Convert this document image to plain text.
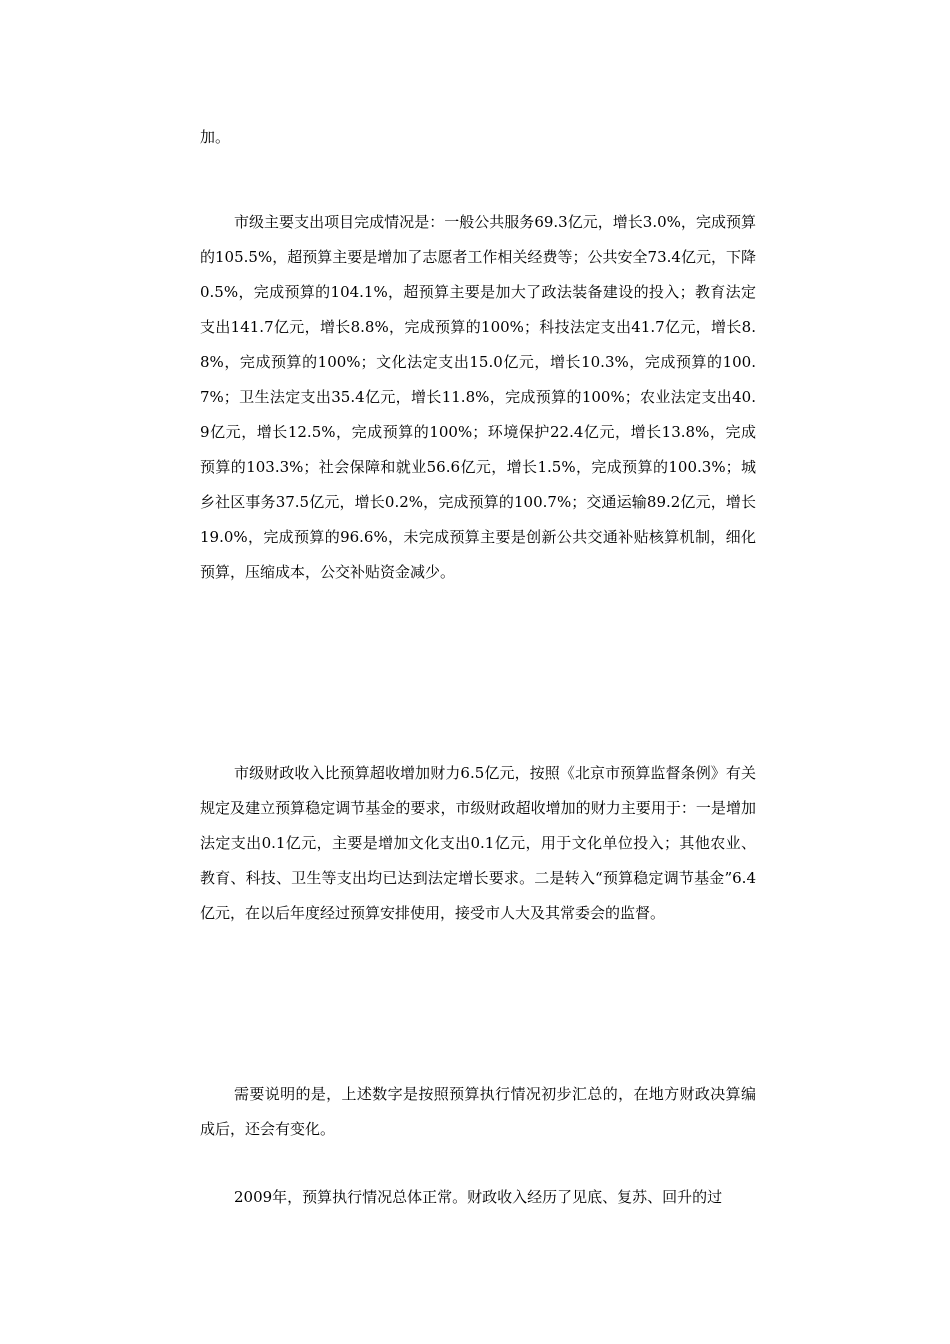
加。

市级主要支出项目完成情况是：一般公共服务69.3亿元，增长3.0%，完成预算的105.5%，超预算主要是增加了志愿者工作相关经费等；公共安全73.4亿元，下降0.5%，完成预算的104.1%，超预算主要是加大了政法装备建设的投入；教育法定支出141.7亿元，增长8.8%，完成预算的100%；科技法定支出41.7亿元，增长8.8%，完成预算的100%；文化法定支出15.0亿元，增长10.3%，完成预算的100.7%；卫生法定支出35.4亿元，增长11.8%，完成预算的100%；农业法定支出40.9亿元，增长12.5%，完成预算的100%；环境保护22.4亿元，增长13.8%，完成预算的103.3%；社会保障和就业56.6亿元，增长1.5%，完成预算的100.3%；城乡社区事务37.5亿元，增长0.2%，完成预算的100.7%；交通运输89.2亿元，增长19.0%，完成预算的96.6%，未完成预算主要是创新公共交通补贴核算机制，细化预算，压缩成本，公交补贴资金减少。

市级财政收入比预算超收增加财力6.5亿元，按照《北京市预算监督条例》有关规定及建立预算稳定调节基金的要求，市级财政超收增加的财力主要用于：一是增加法定支出0.1亿元，主要是增加文化支出0.1亿元，用于文化单位投入；其他农业、教育、科技、卫生等支出均已达到法定增长要求。二是转入“预算稳定调节基金”6.4亿元，在以后年度经过预算安排使用，接受市人大及其常委会的监督。

需要说明的是，上述数字是按照预算执行情况初步汇总的，在地方财政决算编成后，还会有变化。

2009年，预算执行情况总体正常。财政收入经历了见底、复苏、回升的过
